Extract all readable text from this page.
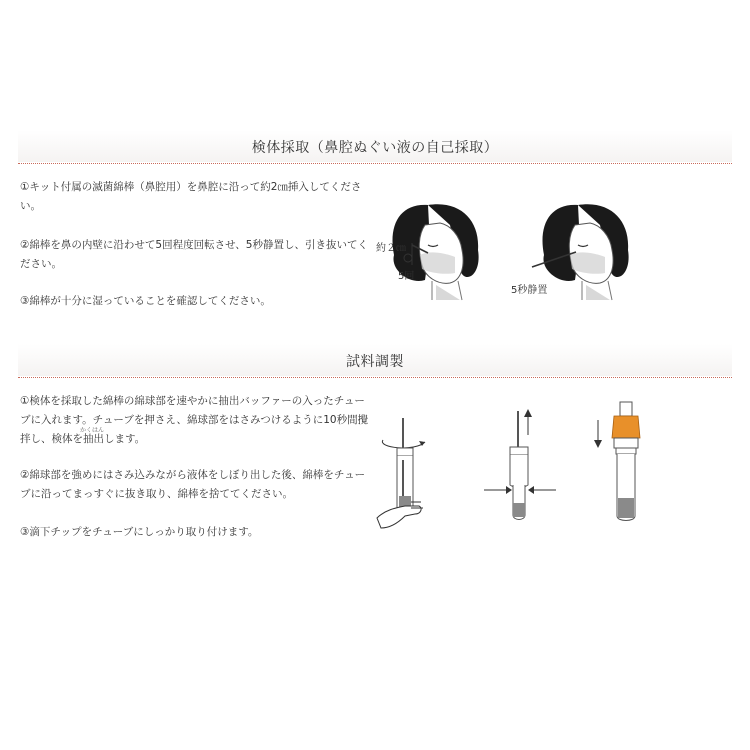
検体採取（鼻腔ぬぐい液の自己採取）
①キット付属の滅菌綿棒（鼻腔用）を鼻腔に沿って約2㎝挿入してください。
②綿棒を鼻の内壁に沿わせて5回程度回転させ、5秒静置し、引き抜いてください。
③綿棒が十分に湿っていることを確認してください。
約２㎝
5回
5秒静置
試料調製
①検体を採取した綿棒の綿球部を速やかに抽出バッファーの入ったチューブに入れます。チューブを押さえ、綿球部をはさみつけるように10秒間攪拌し、検体を抽出します。
かくはん
②綿球部を強めにはさみ込みながら液体をしぼり出した後、綿棒をチューブに沿ってまっすぐに抜き取り、綿棒を捨ててください。
③滴下チップをチューブにしっかり取り付けます。
